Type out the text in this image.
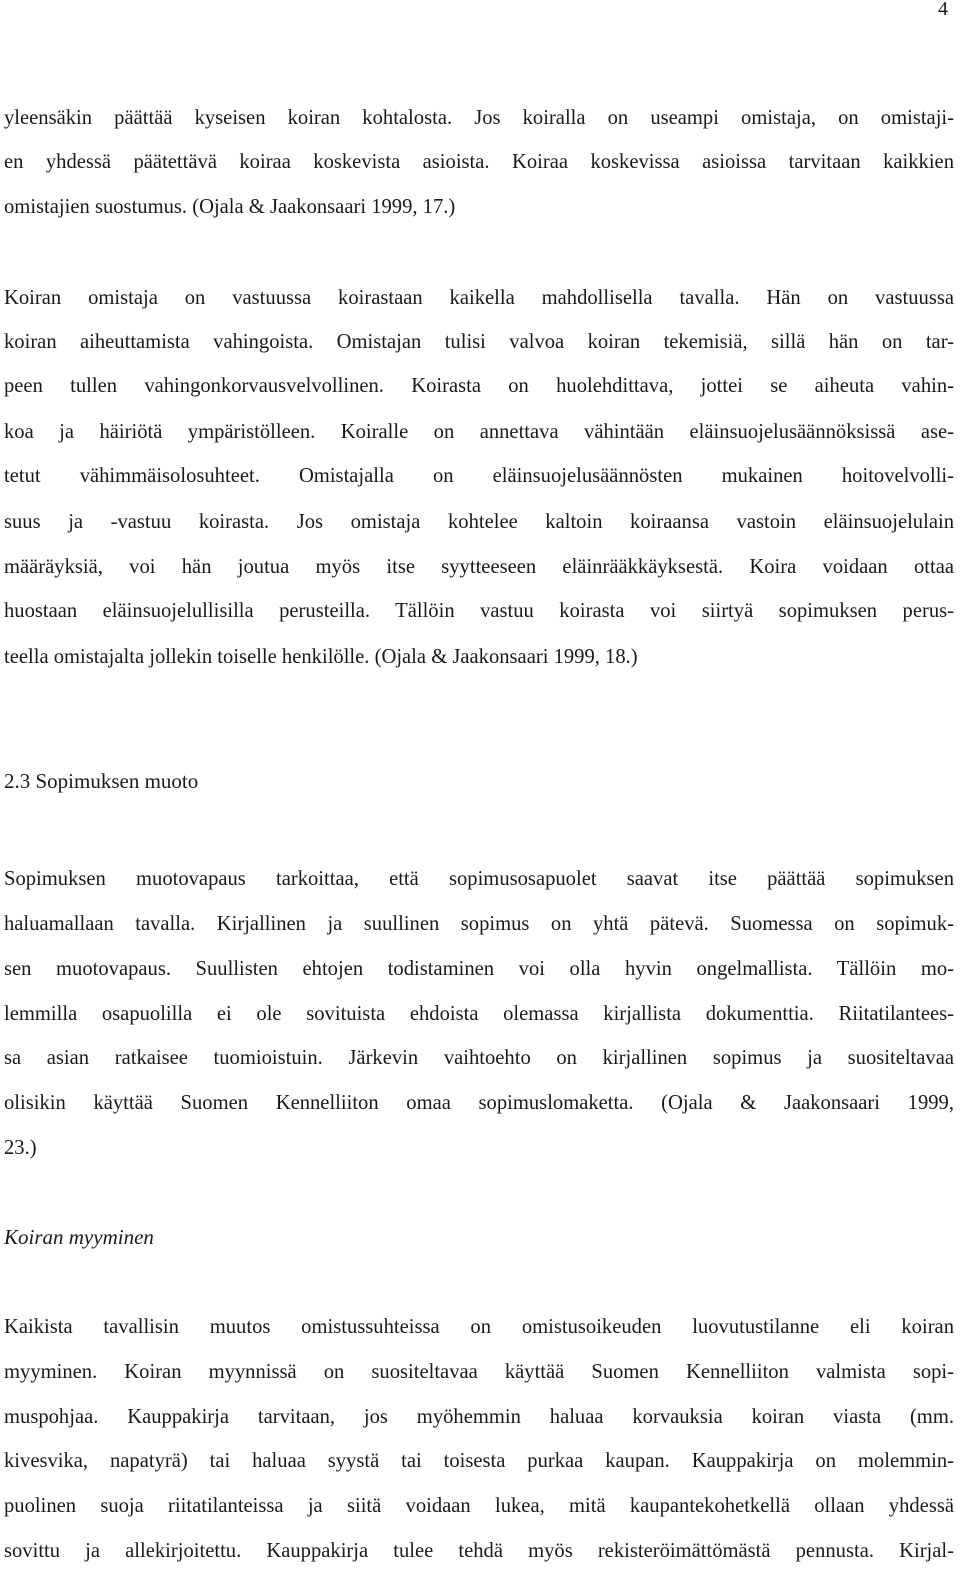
4
yleensäkin päättää kyseisen koiran kohtalosta. Jos koiralla on useampi omistaja, on omistaji-
en yhdessä päätettävä koiraa koskevista asioista. Koiraa koskevissa asioissa tarvitaan kaikkien
omistajien suostumus. (Ojala & Jaakonsaari 1999, 17.)
Koiran omistaja on vastuussa koirastaan kaikella mahdollisella tavalla. Hän on vastuussa
koiran aiheuttamista vahingoista. Omistajan tulisi valvoa koiran tekemisiä, sillä hän on tar-
peen tullen vahingonkorvausvelvollinen. Koirasta on huolehdittava, jottei se aiheuta vahin-
koa ja häiriötä ympäristölleen. Koiralle on annettava vähintään eläinsuojelusäännöksissä ase-
tetut vähimmäisolosuhteet. Omistajalla on eläinsuojelusäännösten mukainen hoitovelvolli-
suus ja -vastuu koirasta. Jos omistaja kohtelee kaltoin koiraansa vastoin eläinsuojelulain
määräyksiä, voi hän joutua myös itse syytteeseen eläinrääkkäyksestä. Koira voidaan ottaa
huostaan eläinsuojelullisilla perusteilla. Tällöin vastuu koirasta voi siirtyä sopimuksen perus-
teella omistajalta jollekin toiselle henkilölle. (Ojala & Jaakonsaari 1999, 18.)
2.3 Sopimuksen muoto
Sopimuksen muotovapaus tarkoittaa, että sopimusosapuolet saavat itse päättää sopimuksen
haluamallaan tavalla. Kirjallinen ja suullinen sopimus on yhtä pätevä. Suomessa on sopimuk-
sen muotovapaus. Suullisten ehtojen todistaminen voi olla hyvin ongelmallista. Tällöin mo-
lemmilla osapuolilla ei ole sovituista ehdoista olemassa kirjallista dokumenttia. Riitatilantees-
sa asian ratkaisee tuomioistuin. Järkevin vaihtoehto on kirjallinen sopimus ja suositeltavaa
olisikin käyttää Suomen Kennelliiton omaa sopimuslomaketta. (Ojala & Jaakonsaari 1999,
23.)
Koiran myyminen
Kaikista tavallisin muutos omistussuhteissa on omistusoikeuden luovutustilanne eli koiran
myyminen. Koiran myynnissä on suositeltavaa käyttää Suomen Kennelliiton valmista sopi-
muspohjaa. Kauppakirja tarvitaan, jos myöhemmin haluaa korvauksia koiran viasta (mm.
kivesvika, napatyrä) tai haluaa syystä tai toisesta purkaa kaupan. Kauppakirja on molemmin-
puolinen suoja riitatilanteissa ja siitä voidaan lukea, mitä kaupantekohetkellä ollaan yhdessä
sovittu ja allekirjoitettu. Kauppakirja tulee tehdä myös rekisteröimättömästä pennusta. Kirjal-
